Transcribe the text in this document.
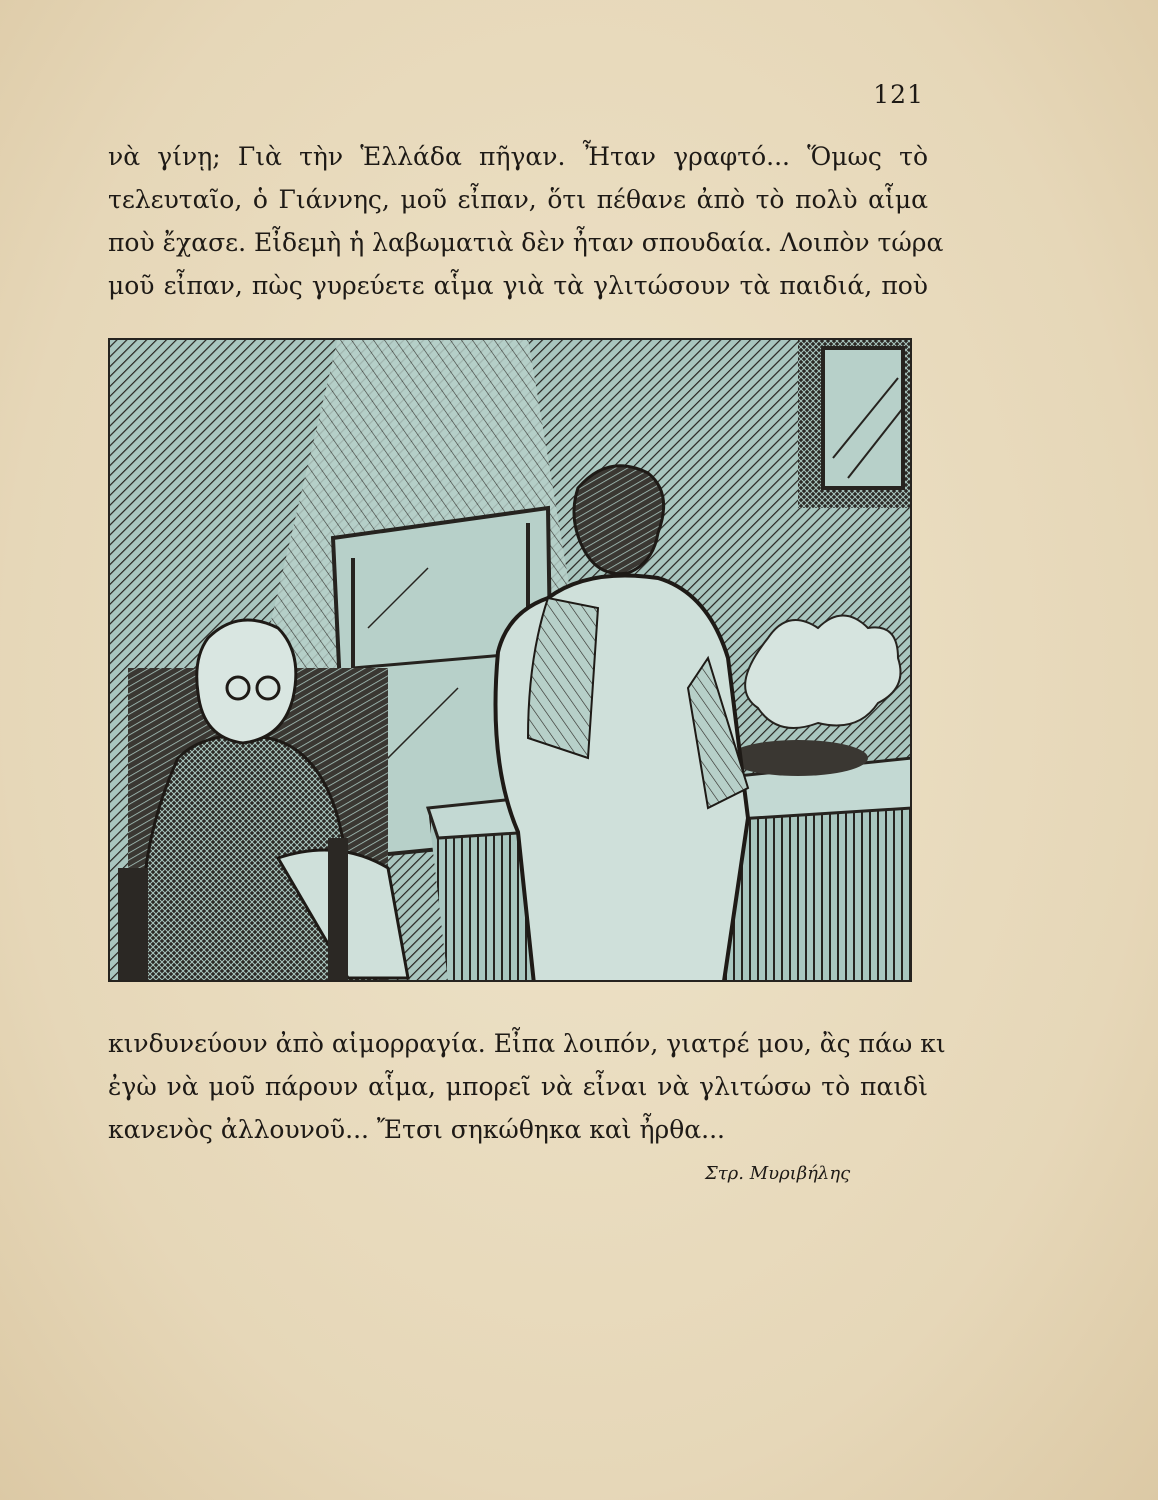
121
νὰ γίνῃ; Γιὰ τὴν Ἑλλάδα πῆγαν. Ἦταν γραφτό... Ὅμως τὸ
τελευταῖο, ὁ Γιάννης, μοῦ εἶπαν, ὅτι πέθανε ἀπὸ τὸ πολὺ αἷμα
ποὺ ἔχασε. Εἶδεμὴ ἡ λαβωματιὰ δὲν ἦταν σπουδαία. Λοιπὸν τώρα
μοῦ εἶπαν, πὼς γυρεύετε αἷμα γιὰ τὰ γλιτώσουν τὰ παιδιά, ποὺ
κινδυνεύουν ἀπὸ αἱμορραγία. Εἶπα λοιπόν, γιατρέ μου, ἂς πάω κι
ἐγὼ νὰ μοῦ πάρουν αἷμα, μπορεῖ νὰ εἶναι νὰ γλιτώσω τὸ παιδὶ
κανενὸς ἀλλουνοῦ... Ἔτσι σηκώθηκα καὶ ἦρθα...
Στρ. Μυριβήλης
